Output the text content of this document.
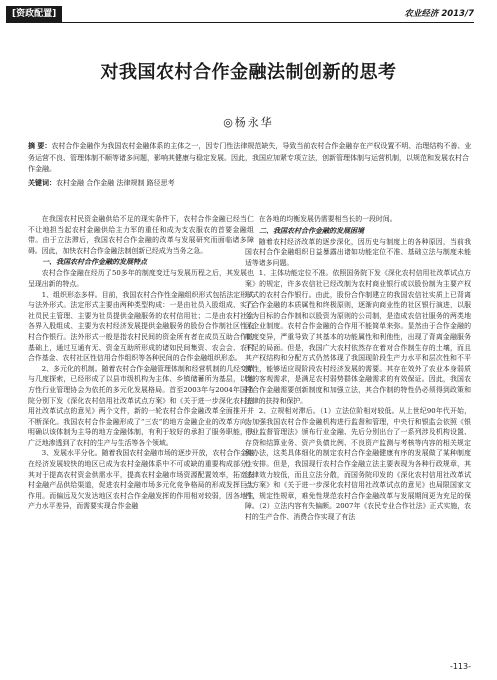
[资政配置]	农业经济 2013/7
对我国农村合作金融法制创新的思考
◎杨永华
摘 要：农村合作金融作为我国农村金融体系的主体之一，因专门性法律规范缺失，导致当前农村合作金融存在产权设置不明、治理结构不善、业务运营不良、管理体制不顺等诸多问题，影响其健康与稳定发展。因此，我国应加紧专项立法，创新管理体制与运营机制，以规范和发展农村合作金融。
关键词：农村金融 合作金融 法律规制 路径思考

在我国农村民资金融供给不足的现实条件下，农村合作金融已经当仁不让地担当起农村金融供给主力军的重任和成为支农服农的首要金融组带。由于立法滞后，我国农村合作金融的改革与发展研究而面临诸多障碍。因此，加快农村合作金融法制创新已经成为当务之急。

一、我国农村合作金融的发展特点

农村合作金融在经历了50多年的制度变迁与发展历程之后，其发展也呈现出新的特点。

1、组织形态多样。目前，我国农村合作性金融组织形式包括法定形式与法外形式。法定形式主要由两种类型构成：一是由社员入股组成、实行社员民主管理、主要为社员提供金融服务的农村信用社；二是由农村社会各界入股组成、主要为农村经济发展提供金融服务的股份合作制社区性农村合作银行。法外形式一般是指农村民间的资金所有者在成员互助合作的基础上，通过互通有无、资金互助所形成的诸如民间集资、农会会、农村合作基金、农村社区性信用合作组织等各种民间的合作金融组织形态。

2、多元化的机制。随着农村合作金融管理体制和经营机制的几经变革与几度探索，已经形成了以县市级机构为主体、乡镇储蓄所为基层，以地方性行业管理协会为依托的多元化发展格局。首至2003年与2004年国务院分别下发《深化农村信用社改革试点方案》和《关于进一步深化农村信用社改革试点的意见》两个文件，新的一轮农村合作金融改革全面推开并不断深化。我国农村合作金融形成了“三农”的地方金融企业的改革方向，明确以该体制为主导的地方金融体制，有利于较好的承担了服务职能，扶广泛地渗透到了农村的生产与生活等各个领域。

3、发展水平分化。随着我国农村金融市场的逐步开放，农村合作金融在经济发展较快的地区已成为农村金融体系中不可或缺的重要构成部分，其对于提高农村资金供需水平，提高农村金融市场资源配置效率，拓宽农村金融产品供给渠道，促进农村金融市场多元化竞争格局的形成发挥巨大作用。而偏远及欠发达地区农村合作金融发挥的作用相对较弱，因各地生产力水平差异，而需要实现合作金融

在各地的均衡发展仍需要相当长的一段时间。

二、我国农村合作金融的发展困境

随着农村经济改革的逐步深化，因历史与制度上的各种原因，当前我国农村合作金融组织日益暴露出诸如功能定位不准、基础立法与制度未能适等诸多问题。

1、主体功能定位不准。依照国务院下发《深化农村信用社改革试点方案》的规定，许多农信社已经改制为农村商业银行或以股份制为主要产权形式的农村合作银行。由此，股份合作制建立的我国农信社实质上已背离了合作金融的本质属性和终极原则，逐渐向商业性的社区银行演进，以服务为目标的合作制和以股资为原则的公司制，是造成农信社服务的两类地区企业制度。农村合作金融的合作用不能简单来弥。显然由于合作金融的制度变异，严重导致了其基本的功能属性和利他性，出现了背离金融服务不足的局面。但是，我国广大农村依然存在着对合作制生存的土壤，而且其产权结构和分配方式仍然体现了我国现阶段生产力水平和层次性和不平衡性，能够适应现阶段农村经济发展的需要。其存在效外了农业本身弱质性的客观需求，是满足农村弱势群体金融需求的有效保证。因此，我国农村合作金融需要创新制度和加强立法，其合作制的特性仍必须得到政策和法律的扶持和保护。

2、立规相对滞后。（1）立法位阶相对较低。从上世纪90年代开始，为加强我国农村合作金融机构进行监督和管理，中央行和银监会依照《银行业监督管理法》颁布行业金融、先后分别出台了一系列涉及机构设置、存贷和结算业务、资产负债比例、不良资产监测与考核等内容的相关规定和办法，这类具体细化的制定农村合作金融健康有序的发展做了某种制度性安排。但是，我国现行农村合作金融立法主要表现为各种行政规章，其法律效力较低，而且立法分散，而国务院印发的《深化农村信用社改革试点方案》和《关于进一步深化农村信用社改革试点的意见》也局限国家文件、规定性规章，难免性规范农村合作金融改革与发展期间更为充足的保障。（2）立法内容有失偏颇。2007年《农民专业合作社法》正式实施，农村的生产合作、消费合作实现了有法

-113-
